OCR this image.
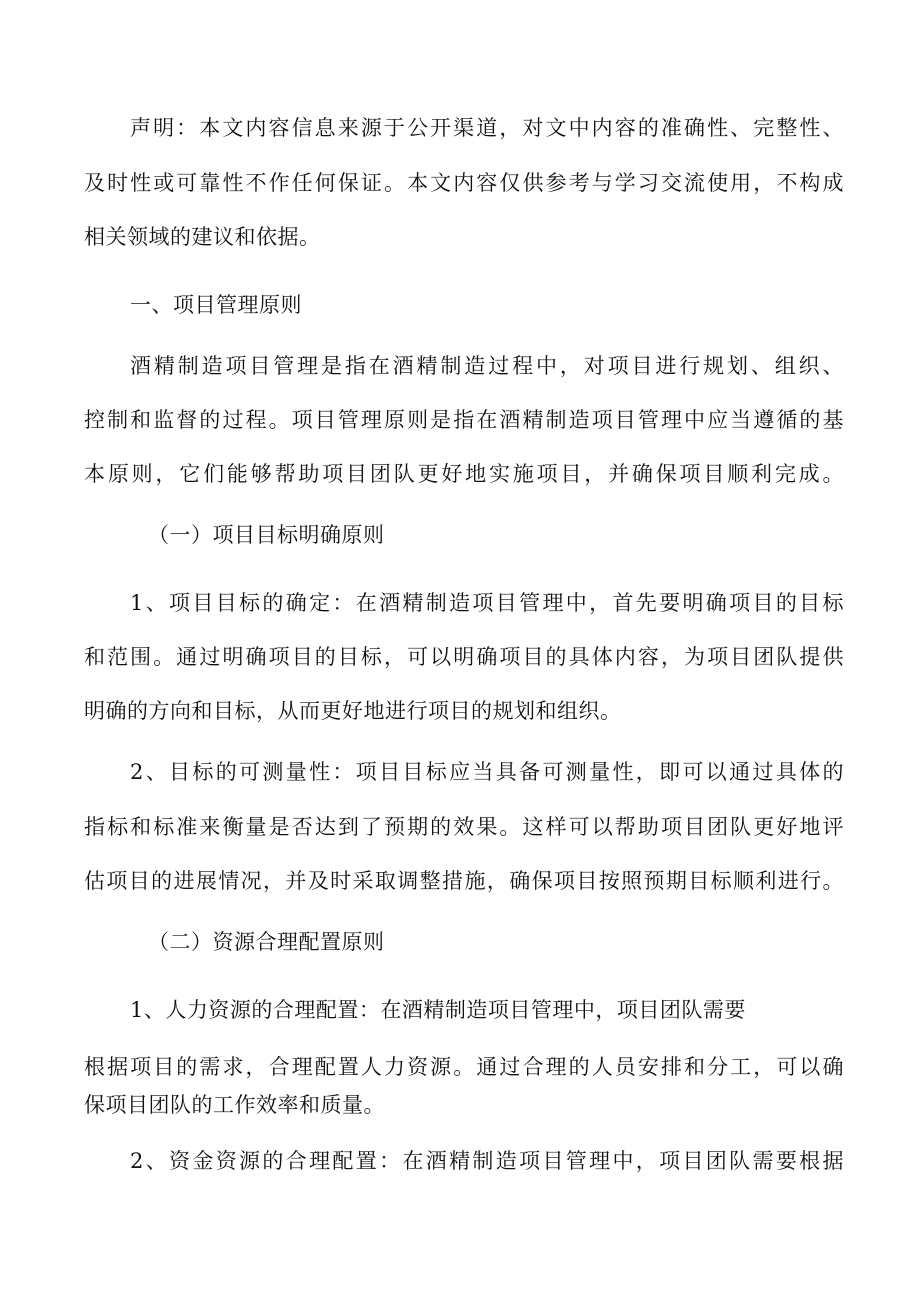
声明：本文内容信息来源于公开渠道，对文中内容的准确性、完整性、
及时性或可靠性不作任何保证。本文内容仅供参考与学习交流使用，不构成
相关领域的建议和依据。
一、项目管理原则
酒精制造项目管理是指在酒精制造过程中，对项目进行规划、组织、
控制和监督的过程。项目管理原则是指在酒精制造项目管理中应当遵循的基
本原则，它们能够帮助项目团队更好地实施项目，并确保项目顺利完成。
（一）项目目标明确原则
1、项目目标的确定：在酒精制造项目管理中，首先要明确项目的目标
和范围。通过明确项目的目标，可以明确项目的具体内容，为项目团队提供
明确的方向和目标，从而更好地进行项目的规划和组织。
2、目标的可测量性：项目目标应当具备可测量性，即可以通过具体的
指标和标准来衡量是否达到了预期的效果。这样可以帮助项目团队更好地评
估项目的进展情况，并及时采取调整措施，确保项目按照预期目标顺利进行。
（二）资源合理配置原则
1、人力资源的合理配置：在酒精制造项目管理中，项目团队需要
根据项目的需求，合理配置人力资源。通过合理的人员安排和分工，可以确
保项目团队的工作效率和质量。
2、资金资源的合理配置：在酒精制造项目管理中，项目团队需要根据
